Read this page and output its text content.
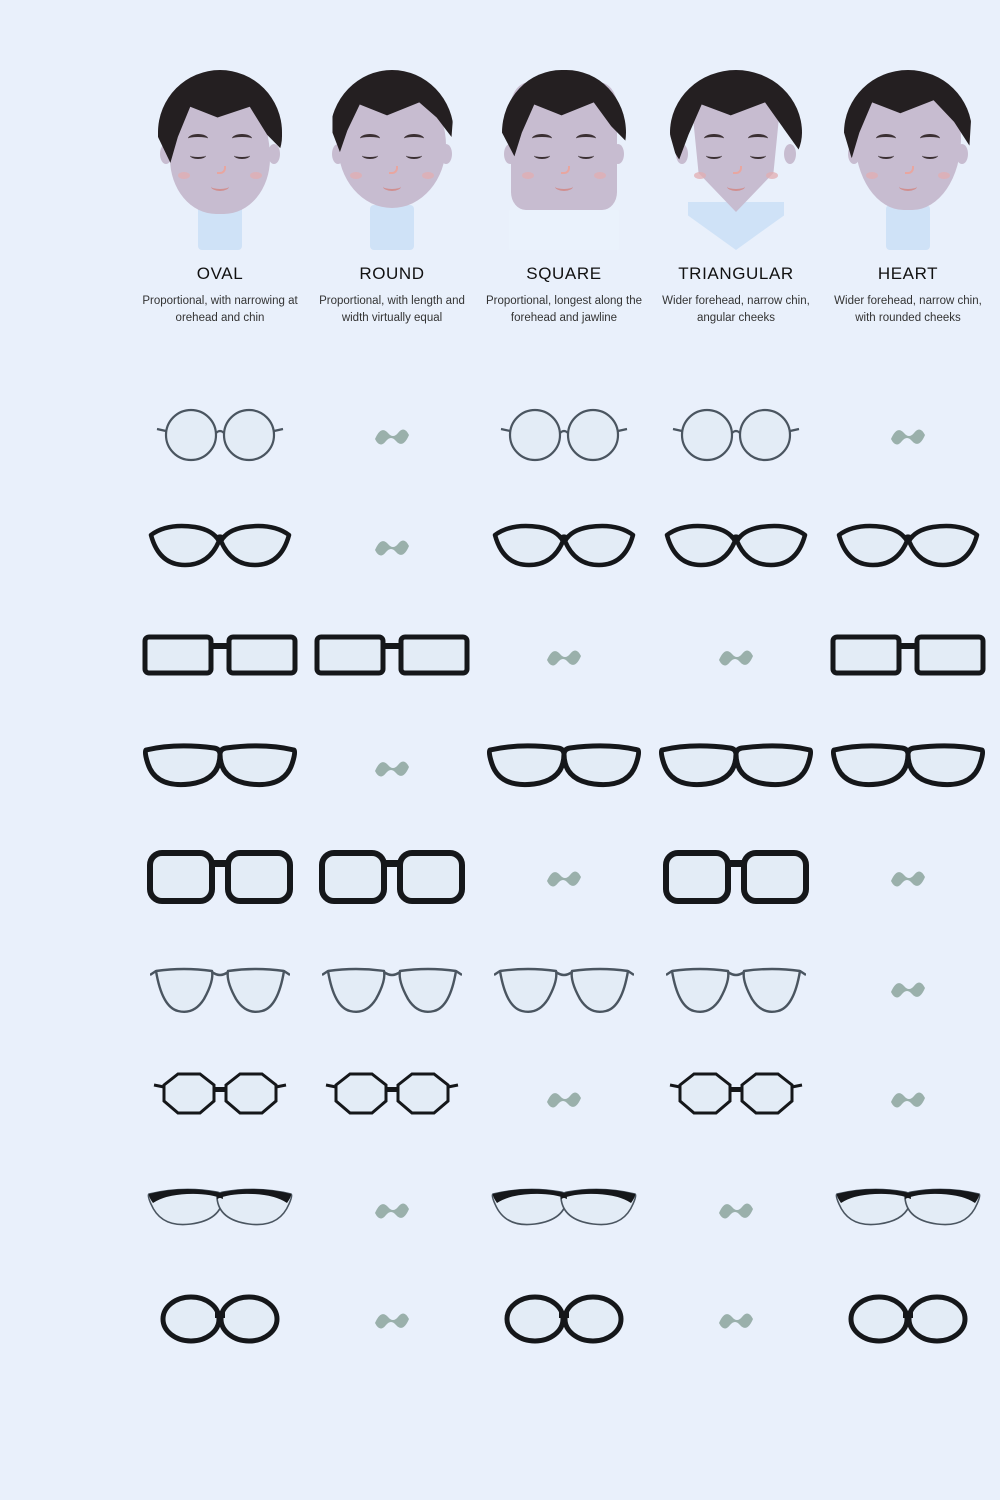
OVAL
Proportional, with narrowing at orehead and chin
ROUND
Proportional, with length and width virtually equal
SQUARE
Proportional, longest along the forehead and jawline
TRIANGULAR
Wider forehead, narrow chin, angular cheeks
HEART
Wider forehead, narrow chin, with rounded cheeks
